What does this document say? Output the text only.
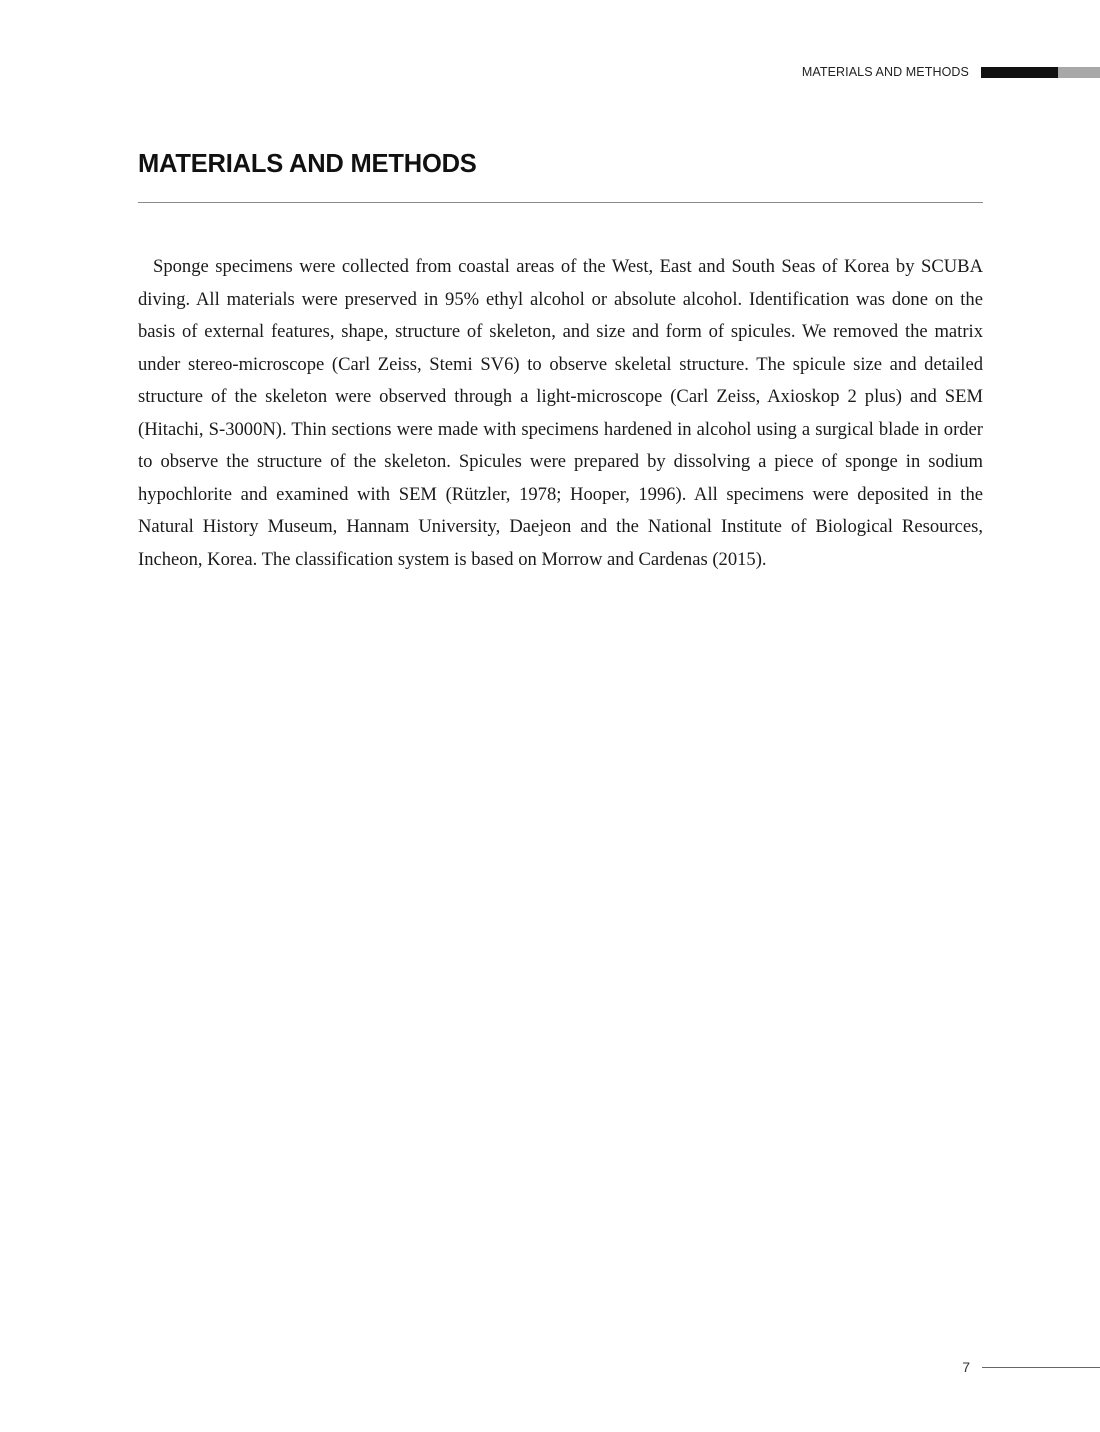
MATERIALS AND METHODS
MATERIALS AND METHODS

Sponge specimens were collected from coastal areas of the West, East and South Seas of Korea by SCUBA diving. All materials were preserved in 95% ethyl alcohol or absolute alcohol. Identification was done on the basis of external features, shape, structure of skeleton, and size and form of spicules. We removed the matrix under stereo-microscope (Carl Zeiss, Stemi SV6) to observe skeletal structure. The spicule size and detailed structure of the skeleton were observed through a light-microscope (Carl Zeiss, Axioskop 2 plus) and SEM (Hitachi, S-3000N). Thin sections were made with specimens hardened in alcohol using a surgical blade in order to observe the structure of the skeleton. Spicules were prepared by dissolving a piece of sponge in sodium hypochlorite and examined with SEM (Rützler, 1978; Hooper, 1996). All specimens were deposited in the Natural History Museum, Hannam University, Daejeon and the National Institute of Biological Resources, Incheon, Korea. The classification system is based on Morrow and Cardenas (2015).

7
